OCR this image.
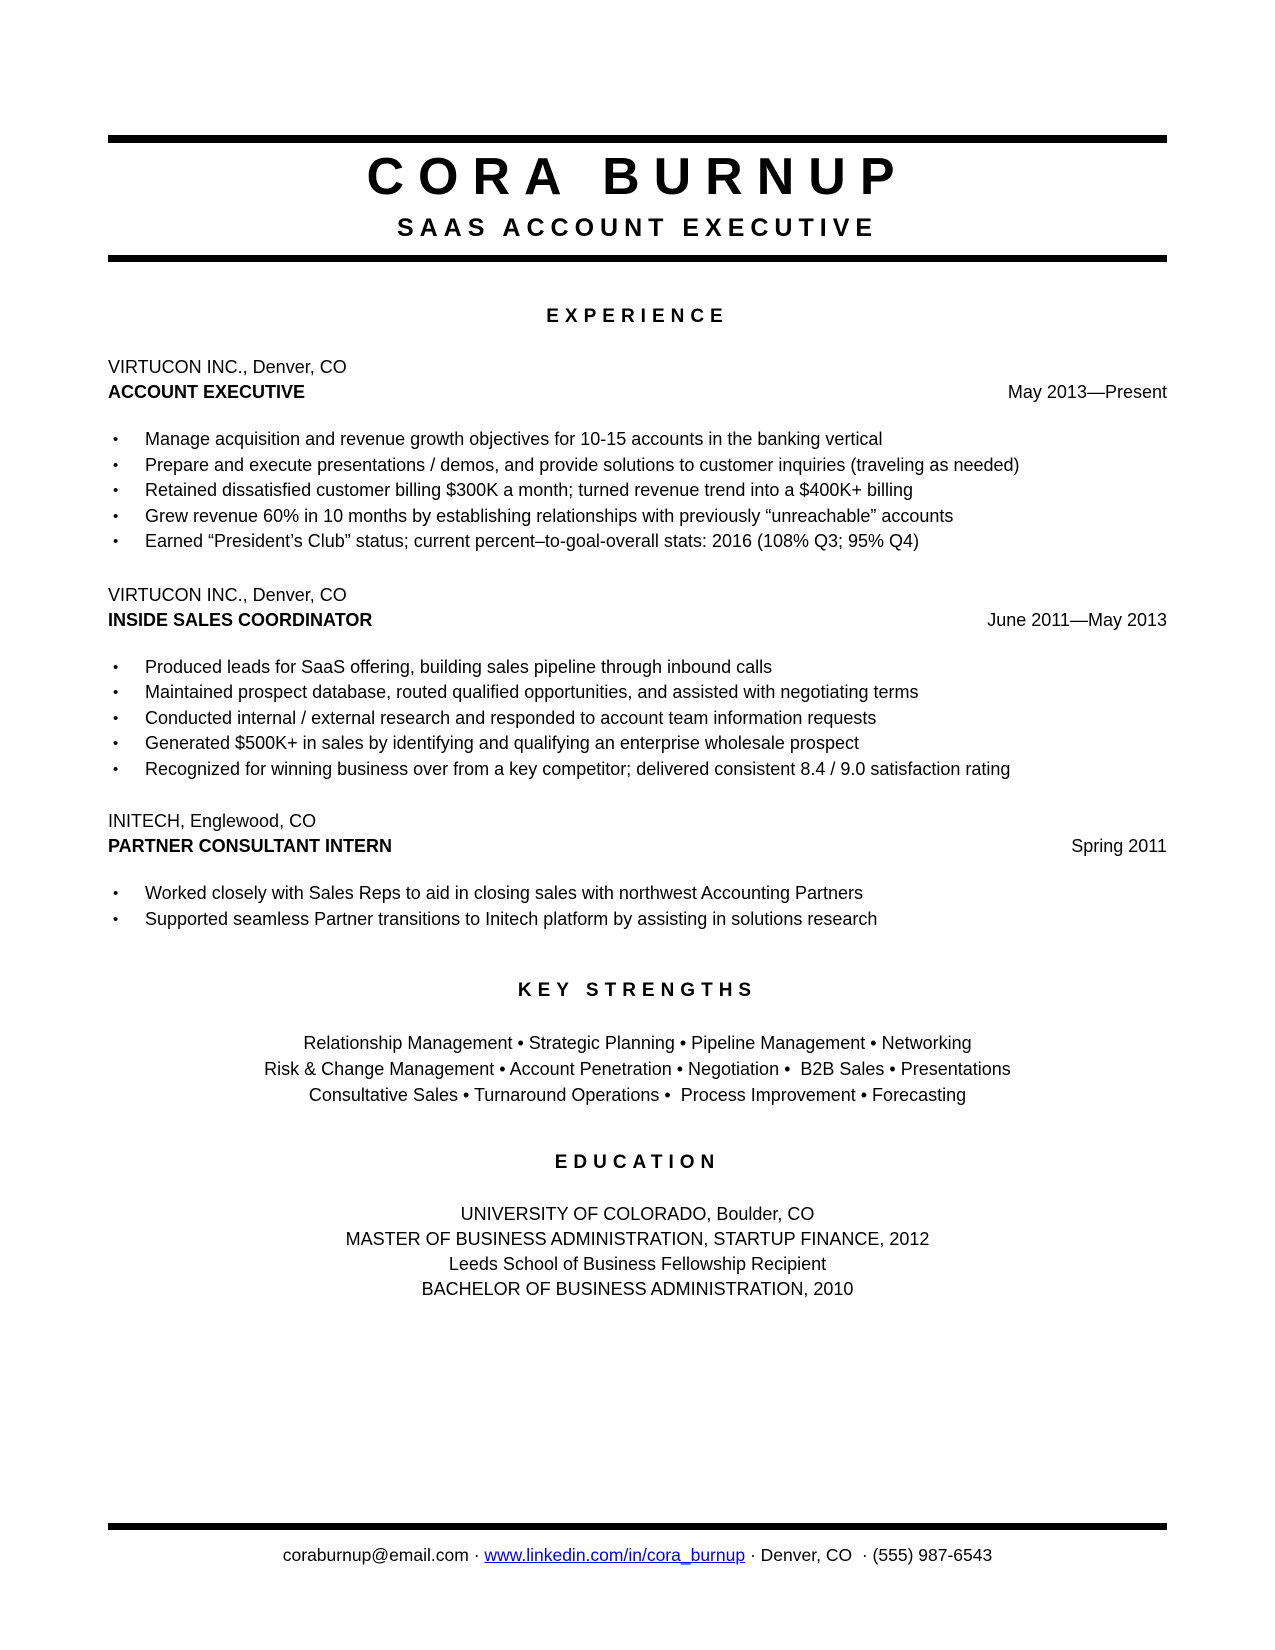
CORA BURNUP
SAAS ACCOUNT EXECUTIVE
EXPERIENCE
VIRTUCON INC., Denver, CO
ACCOUNT EXECUTIVE	May 2013—Present
•	Manage acquisition and revenue growth objectives for 10-15 accounts in the banking vertical
•	Prepare and execute presentations / demos, and provide solutions to customer inquiries (traveling as needed)
•	Retained dissatisfied customer billing $300K a month; turned revenue trend into a $400K+ billing
•	Grew revenue 60% in 10 months by establishing relationships with previously “unreachable” accounts
•	Earned “President’s Club” status; current percent–to-goal-overall stats: 2016 (108% Q3; 95% Q4)
VIRTUCON INC., Denver, CO
INSIDE SALES COORDINATOR	June 2011—May 2013
•	Produced leads for SaaS offering, building sales pipeline through inbound calls
•	Maintained prospect database, routed qualified opportunities, and assisted with negotiating terms
•	Conducted internal / external research and responded to account team information requests
•	Generated $500K+ in sales by identifying and qualifying an enterprise wholesale prospect
•	Recognized for winning business over from a key competitor; delivered consistent 8.4 / 9.0 satisfaction rating
INITECH, Englewood, CO
PARTNER CONSULTANT INTERN	Spring 2011
•	Worked closely with Sales Reps to aid in closing sales with northwest Accounting Partners
•	Supported seamless Partner transitions to Initech platform by assisting in solutions research
KEY STRENGTHS
Relationship Management • Strategic Planning • Pipeline Management • Networking
Risk & Change Management • Account Penetration • Negotiation •  B2B Sales • Presentations
Consultative Sales • Turnaround Operations •  Process Improvement • Forecasting
EDUCATION
UNIVERSITY OF COLORADO, Boulder, CO
MASTER OF BUSINESS ADMINISTRATION, STARTUP FINANCE, 2012
Leeds School of Business Fellowship Recipient
BACHELOR OF BUSINESS ADMINISTRATION, 2010
coraburnup@email.com · www.linkedin.com/in/cora_burnup · Denver, CO  · (555) 987-6543
